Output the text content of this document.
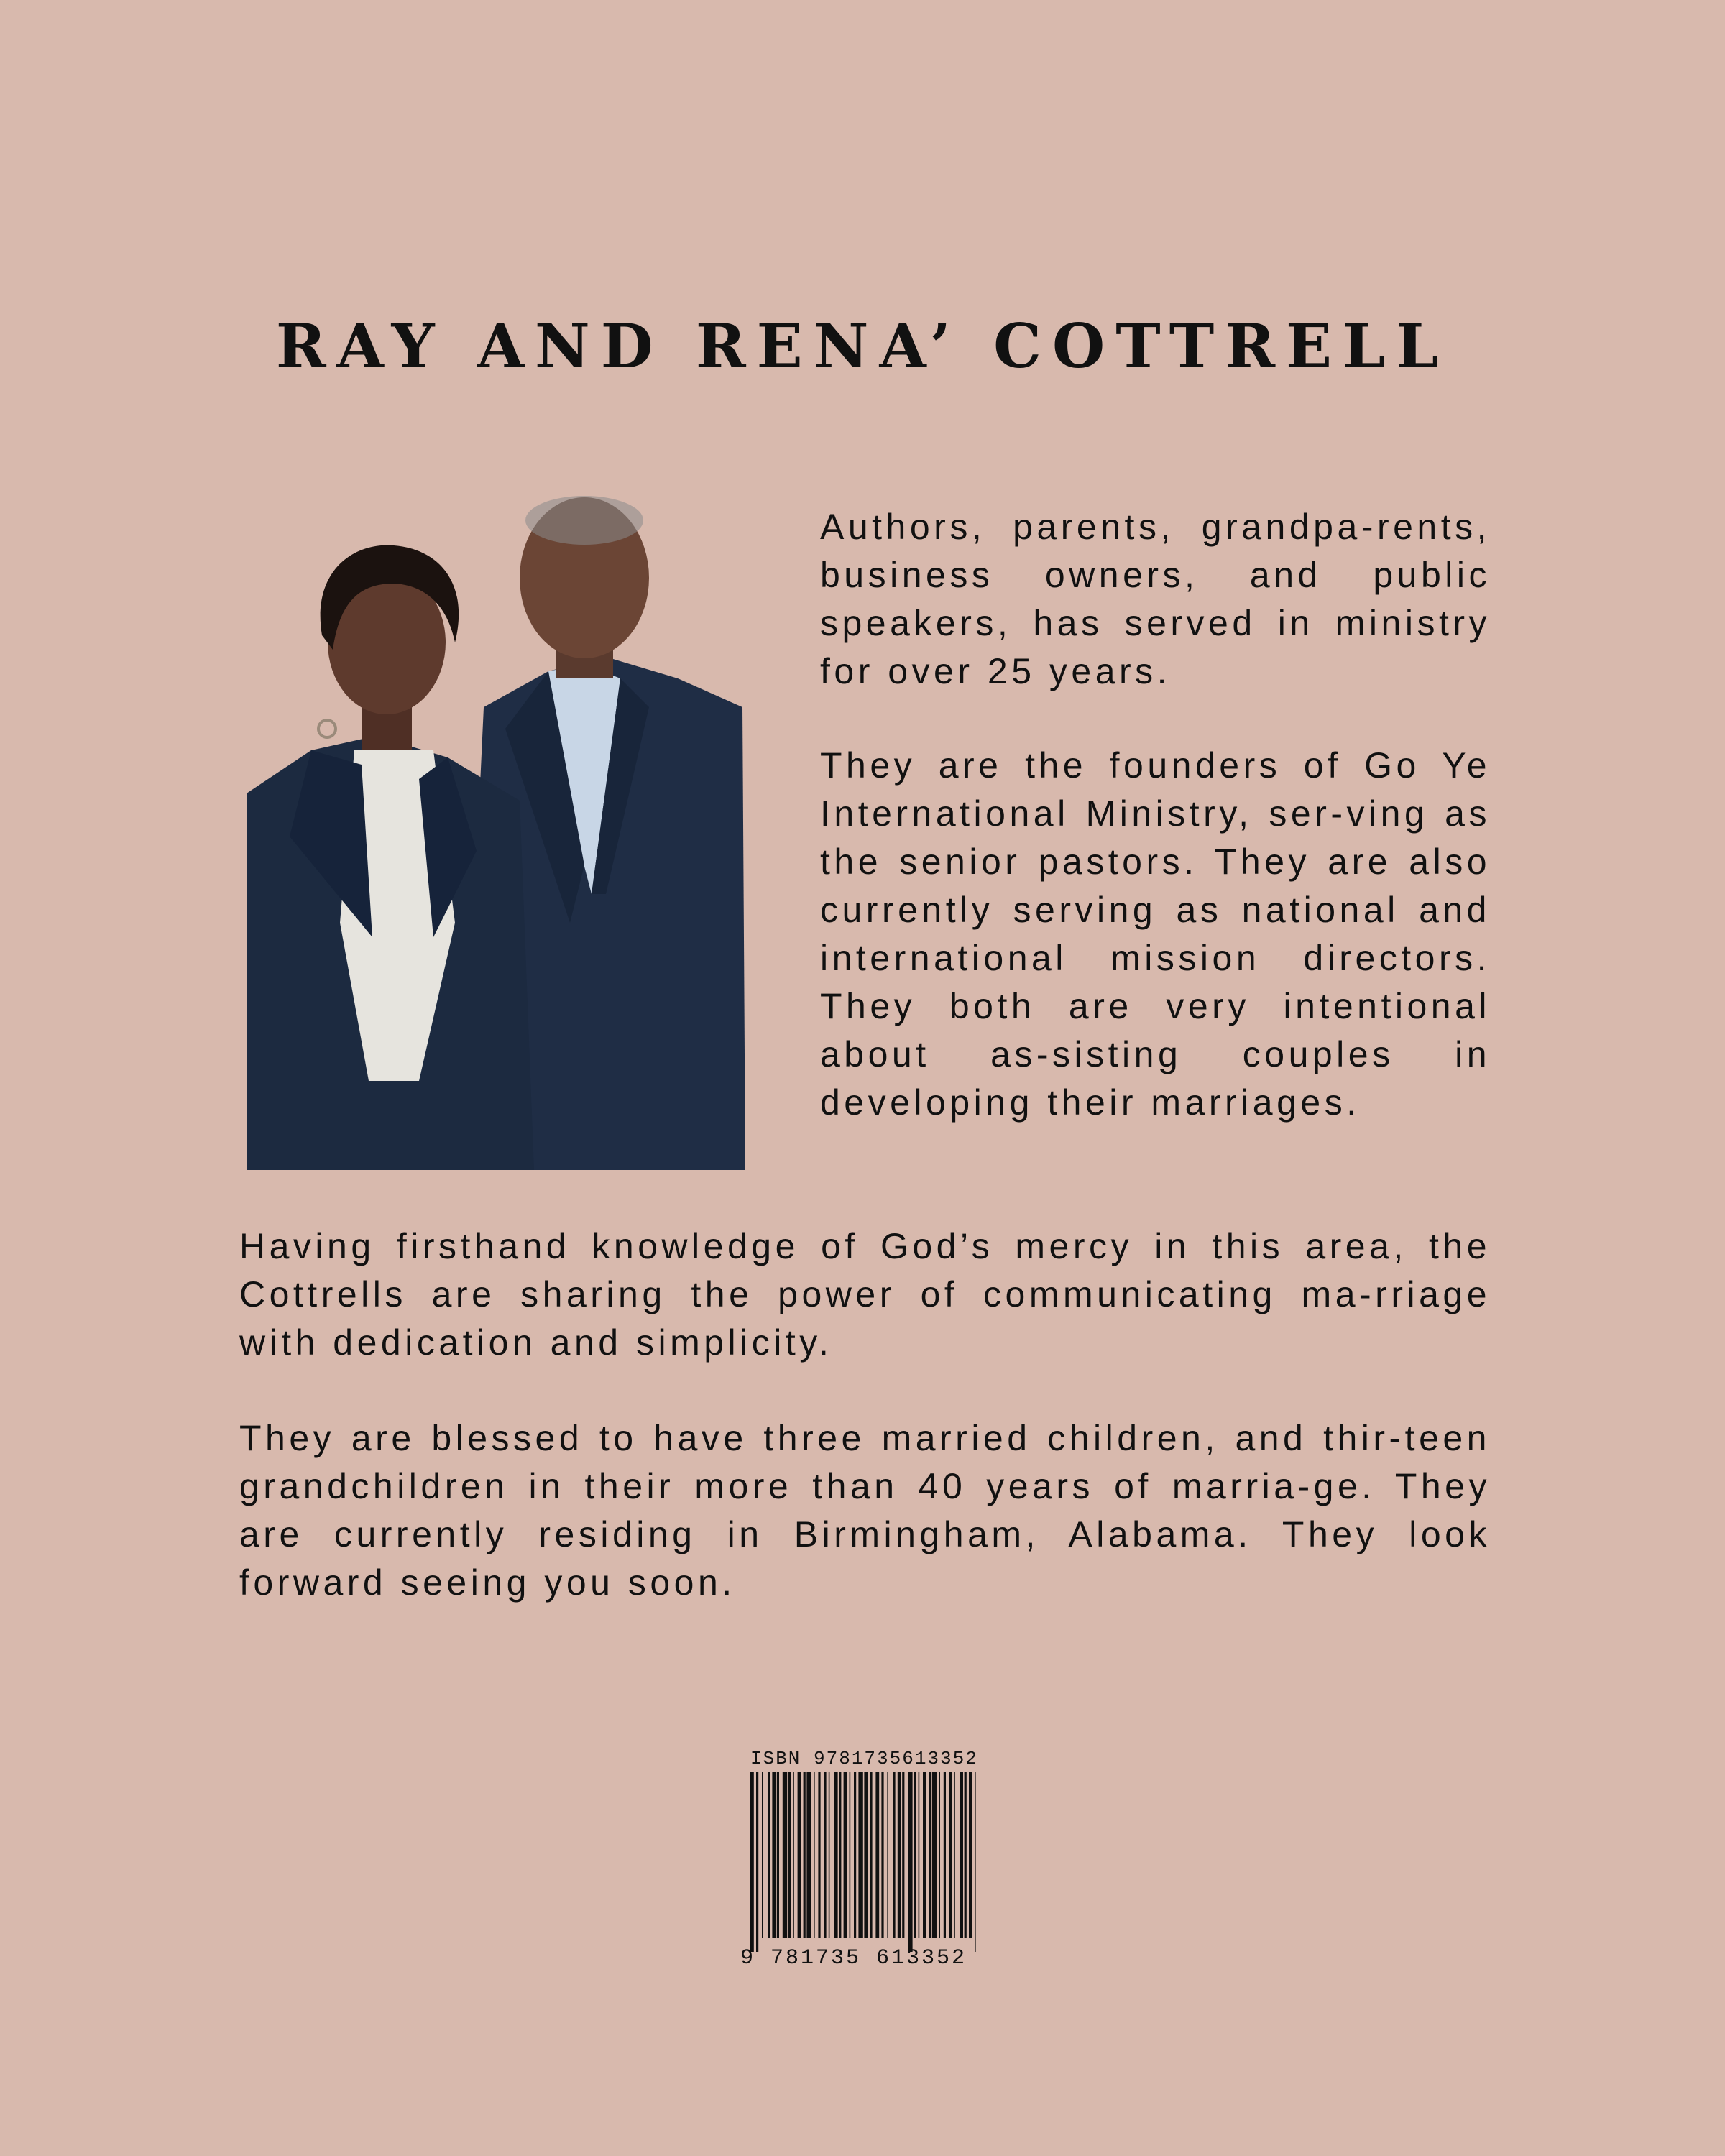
RAY AND RENA’ COTTRELL

Authors, parents, grandpa-rents, business owners, and public speakers, has served in ministry for over 25 years.

They are the founders of Go Ye International Ministry, ser-ving as the senior pastors. They are also currently serving as national and international mission directors. They both are very intentional about as-sisting couples in developing their marriages.

Having firsthand knowledge of God’s mercy in this area, the Cottrells are sharing the power of communicating ma-rriage with dedication and simplicity.

They are blessed to have three married children, and thir-teen grandchildren in their more than 40 years of marria-ge. They are currently residing in Birmingham, Alabama. They look forward seeing you soon.

ISBN 9781735613352
9 781735 613352
